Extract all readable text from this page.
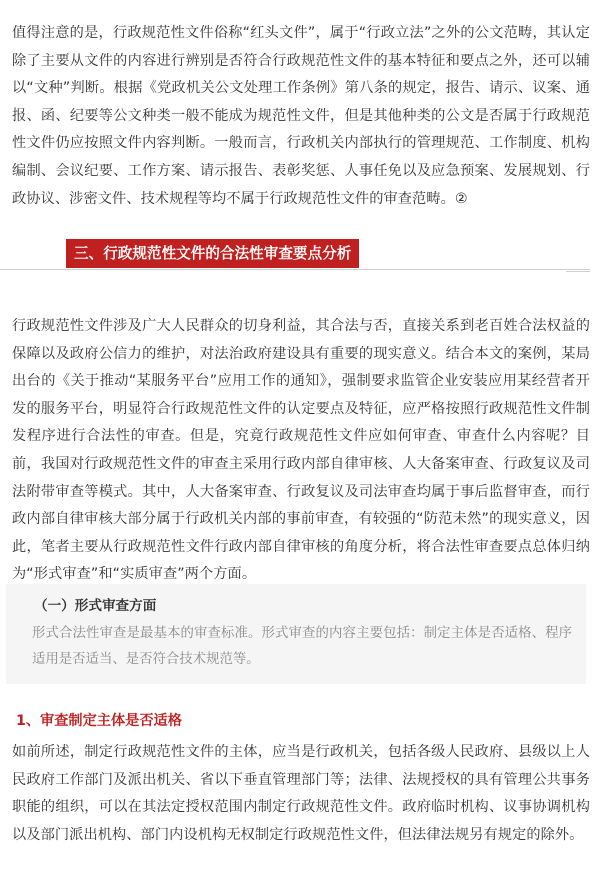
值得注意的是，行政规范性文件俗称“红头文件”，属于“行政立法”之外的公文范畴，其认定除了主要从文件的内容进行辨别是否符合行政规范性文件的基本特征和要点之外，还可以辅以“文种”判断。根据《党政机关公文处理工作条例》第八条的规定，报告、请示、议案、通报、函、纪要等公文种类一般不能成为规范性文件，但是其他种类的公文是否属于行政规范性文件仍应按照文件内容判断。一般而言，行政机关内部执行的管理规范、工作制度、机构编制、会议纪要、工作方案、请示报告、表彰奖惩、人事任免以及应急预案、发展规划、行政协议、涉密文件、技术规程等均不属于行政规范性文件的审查范畴。②

三、行政规范性文件的合法性审查要点分析

行政规范性文件涉及广大人民群众的切身利益，其合法与否，直接关系到老百姓合法权益的保障以及政府公信力的维护，对法治政府建设具有重要的现实意义。结合本文的案例，某局出台的《关于推动“某服务平台”应用工作的通知》，强制要求监管企业安装应用某经营者开发的服务平台，明显符合行政规范性文件的认定要点及特征，应严格按照行政规范性文件制发程序进行合法性的审查。但是，究竟行政规范性文件应如何审查、审查什么内容呢？目前，我国对行政规范性文件的审查主采用行政内部自律审核、人大备案审查、行政复议及司法附带审查等模式。其中，人大备案审查、行政复议及司法审查均属于事后监督审查，而行政内部自律审核大部分属于行政机关内部的事前审查，有较强的“防范未然”的现实意义，因此，笔者主要从行政规范性文件行政内部自律审核的角度分析，将合法性审查要点总体归纳为“形式审查”和“实质审查”两个方面。

（一）形式审查方面

形式合法性审查是最基本的审查标准。形式审查的内容主要包括：制定主体是否适格、程序适用是否适当、是否符合技术规范等。

1、审查制定主体是否适格

如前所述，制定行政规范性文件的主体，应当是行政机关，包括各级人民政府、县级以上人民政府工作部门及派出机关、省以下垂直管理部门等；法律、法规授权的具有管理公共事务职能的组织，可以在其法定授权范围内制定行政规范性文件。政府临时机构、议事协调机构以及部门派出机构、部门内设机构无权制定行政规范性文件，但法律法规另有规定的除外。
